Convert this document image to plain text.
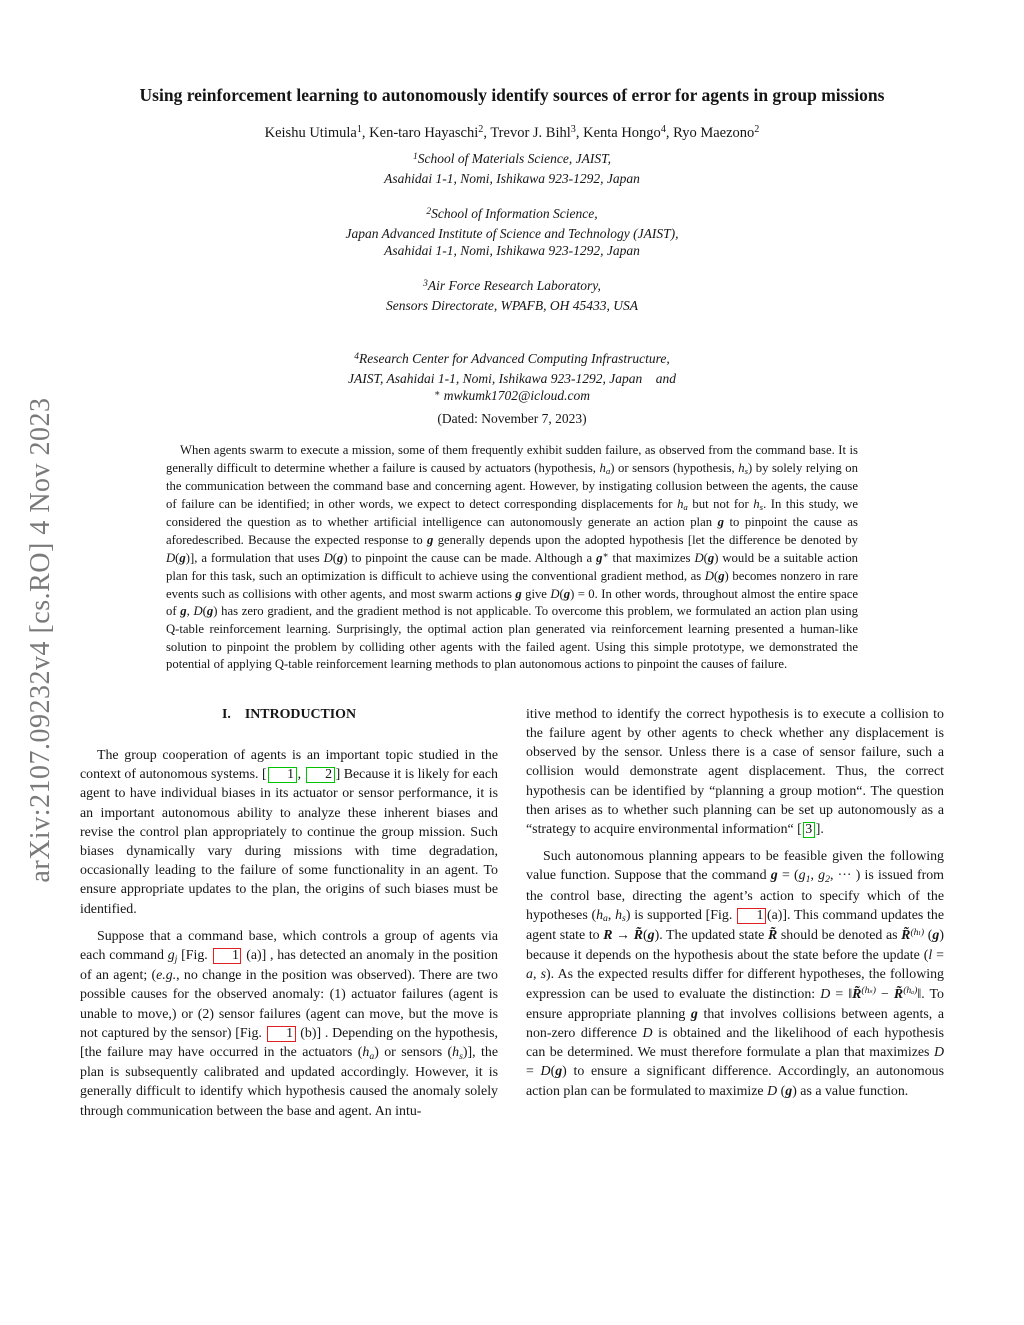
arXiv:2107.09232v4 [cs.RO] 4 Nov 2023
Using reinforcement learning to autonomously identify sources of error for agents in group missions
Keishu Utimula$^1$, Ken-taro Hayaschi$^2$, Trevor J. Bihl$^3$, Kenta Hongo$^4$, Ryo Maezono$^2$
$^1$School of Materials Science, JAIST,
Asahidai 1-1, Nomi, Ishikawa 923-1292, Japan
$^2$School of Information Science,
Japan Advanced Institute of Science and Technology (JAIST),
Asahidai 1-1, Nomi, Ishikawa 923-1292, Japan
$^3$Air Force Research Laboratory,
Sensors Directorate, WPAFB, OH 45433, USA
$^4$Research Center for Advanced Computing Infrastructure,
JAIST, Asahidai 1-1, Nomi, Ishikawa 923-1292, Japan and
∗ mwkumk1702@icloud.com
(Dated: November 7, 2023)
When agents swarm to execute a mission, some of them frequently exhibit sudden failure, as observed from the command base. It is generally difficult to determine whether a failure is caused by actuators (hypothesis, ha) or sensors (hypothesis, hs) by solely relying on the communication between the command base and concerning agent. However, by instigating collusion between the agents, the cause of failure can be identified; in other words, we expect to detect corresponding displacements for ha but not for hs. In this study, we considered the question as to whether artificial intelligence can autonomously generate an action plan g to pinpoint the cause as aforedescribed. Because the expected response to g generally depends upon the adopted hypothesis [let the difference be denoted by D(g)], a formulation that uses D(g) to pinpoint the cause can be made. Although a g∗ that maximizes D(g) would be a suitable action plan for this task, such an optimization is difficult to achieve using the conventional gradient method, as D(g) becomes nonzero in rare events such as collisions with other agents, and most swarm actions g give D(g) = 0. In other words, throughout almost the entire space of g, D(g) has zero gradient, and the gradient method is not applicable. To overcome this problem, we formulated an action plan using Q-table reinforcement learning. Surprisingly, the optimal action plan generated via reinforcement learning presented a human-like solution to pinpoint the problem by colliding other agents with the failed agent. Using this simple prototype, we demonstrated the potential of applying Q-table reinforcement learning methods to plan autonomous actions to pinpoint the causes of failure.
I. INTRODUCTION

The group cooperation of agents is an important topic studied in the context of autonomous systems. [ 1 , 2 ] Because it is likely for each agent to have individual biases in its actuator or sensor performance, it is an important autonomous ability to analyze these inherent biases and revise the control plan appropriately to continue the group mission. Such biases dynamically vary during missions with time degradation, occasionally leading to the failure of some functionality in an agent. To ensure appropriate updates to the plan, the origins of such biases must be identified.

Suppose that a command base, which controls a group of agents via each command gj [Fig. 1 (a)] , has detected an anomaly in the position of an agent; (e.g., no change in the position was observed). There are two possible causes for the observed anomaly: (1) actuator failures (agent is unable to move,) or (2) sensor failures (agent can move, but the move is not captured by the sensor) [Fig. 1 (b)] . Depending on the hypothesis, [the failure may have occurred in the actuators (ha) or sensors (hs)], the plan is subsequently calibrated and updated accordingly. However, it is generally difficult to identify which hypothesis caused the anomaly solely through communication between the base and agent. An intu-

itive method to identify the correct hypothesis is to execute a collision to the failure agent by other agents to check whether any displacement is observed by the sensor. Unless there is a case of sensor failure, such a collision would demonstrate agent displacement. Thus, the correct hypothesis can be identified by “planning a group motion“. The question then arises as to whether such planning can be set up autonomously as a “strategy to acquire environmental information“ [ 3 ].

Such autonomous planning appears to be feasible given the following value function. Suppose that the command g = (g1, g2, ··· ) is issued from the control base, directing the agent’s action to specify which of the hypotheses (ha, hs) is supported [Fig. 1 (a)]. This command updates the agent state to R → R̃(g). The updated state R̃ should be denoted as R̃$^{(h_l)}$ (g) because it depends on the hypothesis about the state before the update (l = a, s). As the expected results differ for different hypotheses, the following expression can be used to evaluate the distinction: D = ‖R̃$^{(h_s)}$ − R̃$^{(h_a)}$‖. To ensure appropriate planning g that involves collisions between agents, a non-zero difference D is obtained and the likelihood of each hypothesis can be determined. We must therefore formulate a plan that maximizes D = D(g) to ensure a significant difference. Accordingly, an autonomous action plan can be formulated to maximize D (g) as a value function.
